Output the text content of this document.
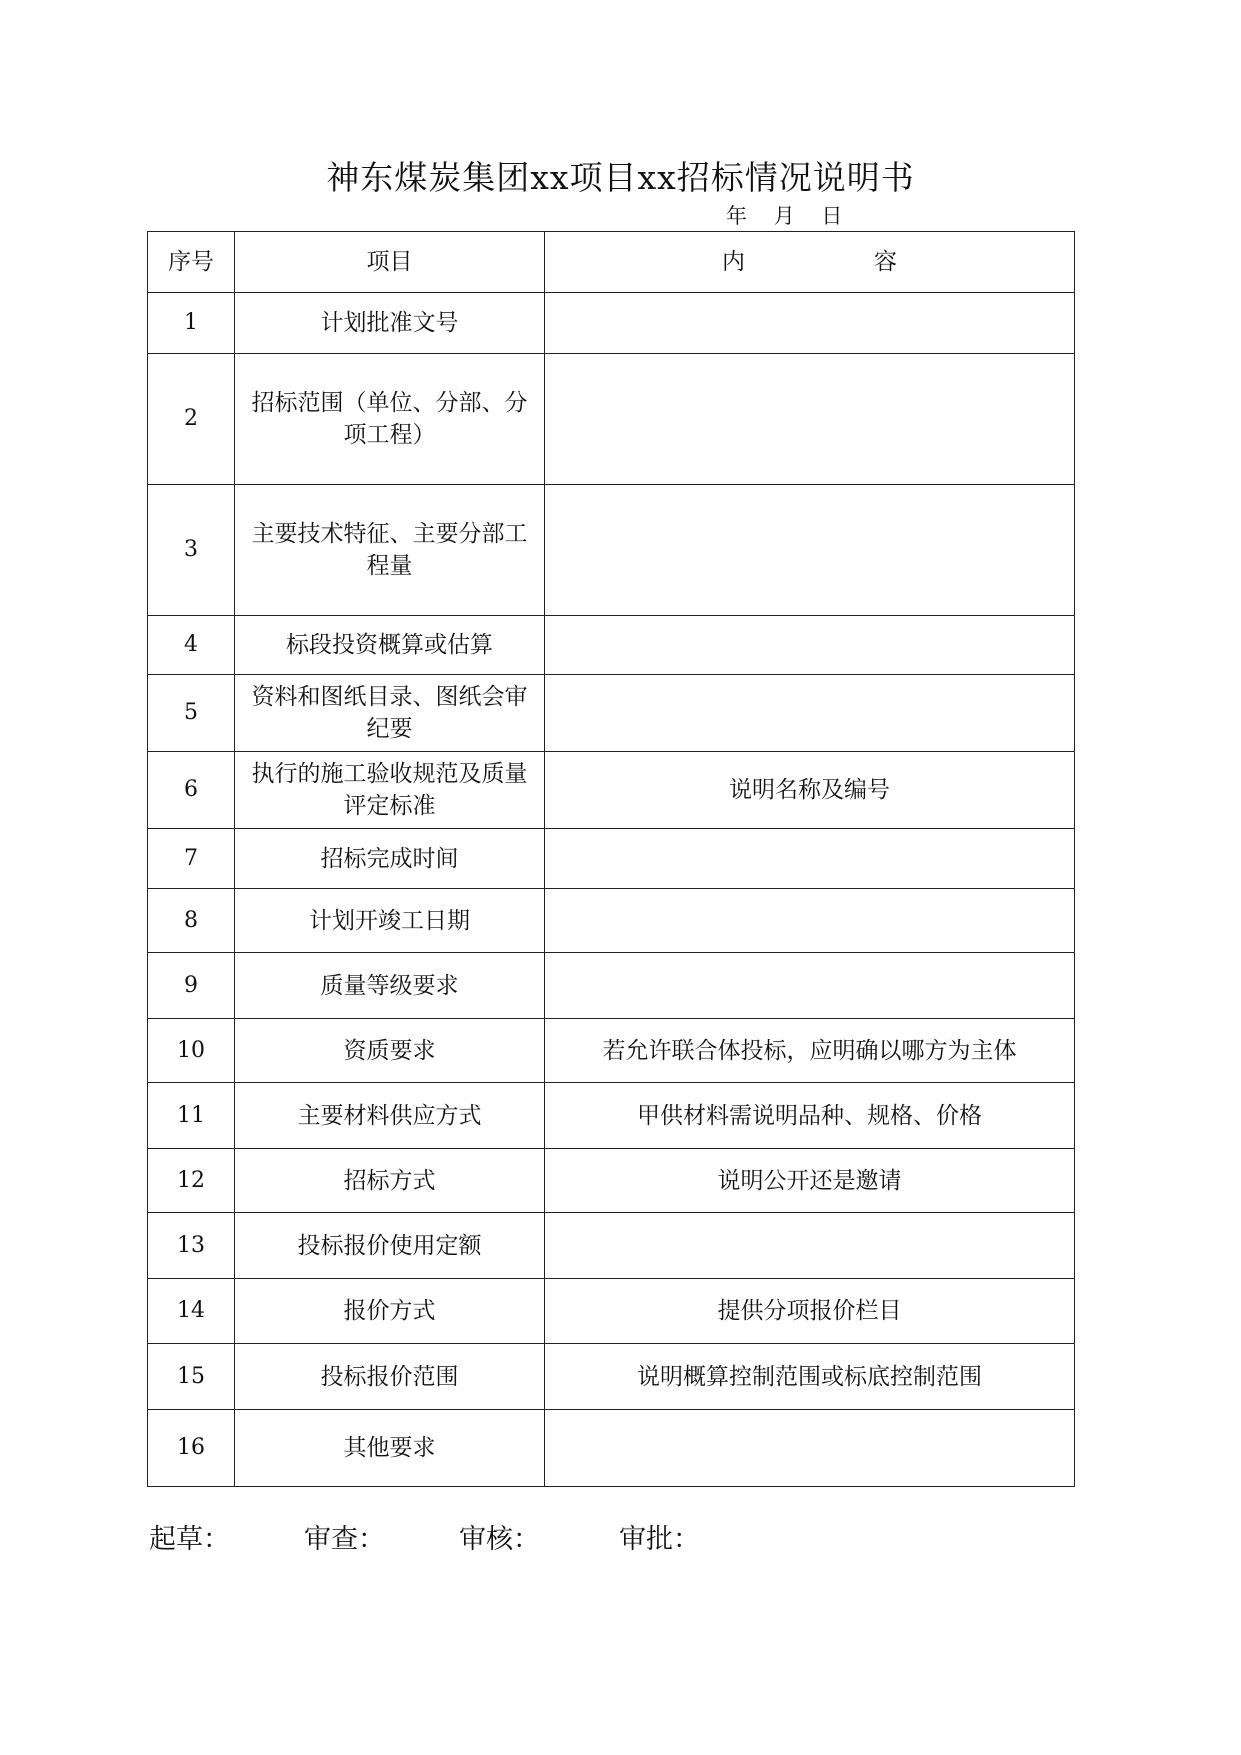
神东煤炭集团xx项目xx招标情况说明书
年    月    日
序号	项目	内 容

1	计划批准文号	
2	招标范围（单位、分部、分项工程）	
3	主要技术特征、主要分部工程量	
4	标段投资概算或估算	
5	资料和图纸目录、图纸会审纪要	
6	执行的施工验收规范及质量评定标准	说明名称及编号
7	招标完成时间	
8	计划开竣工日期	
9	质量等级要求	
10	资质要求	若允许联合体投标，应明确以哪方为主体
11	主要材料供应方式	甲供材料需说明品种、规格、价格
12	招标方式	说明公开还是邀请
13	投标报价使用定额	
14	报价方式	提供分项报价栏目
15	投标报价范围	说明概算控制范围或标底控制范围
16	其他要求	
起草：	审查：	审核：	审批：
